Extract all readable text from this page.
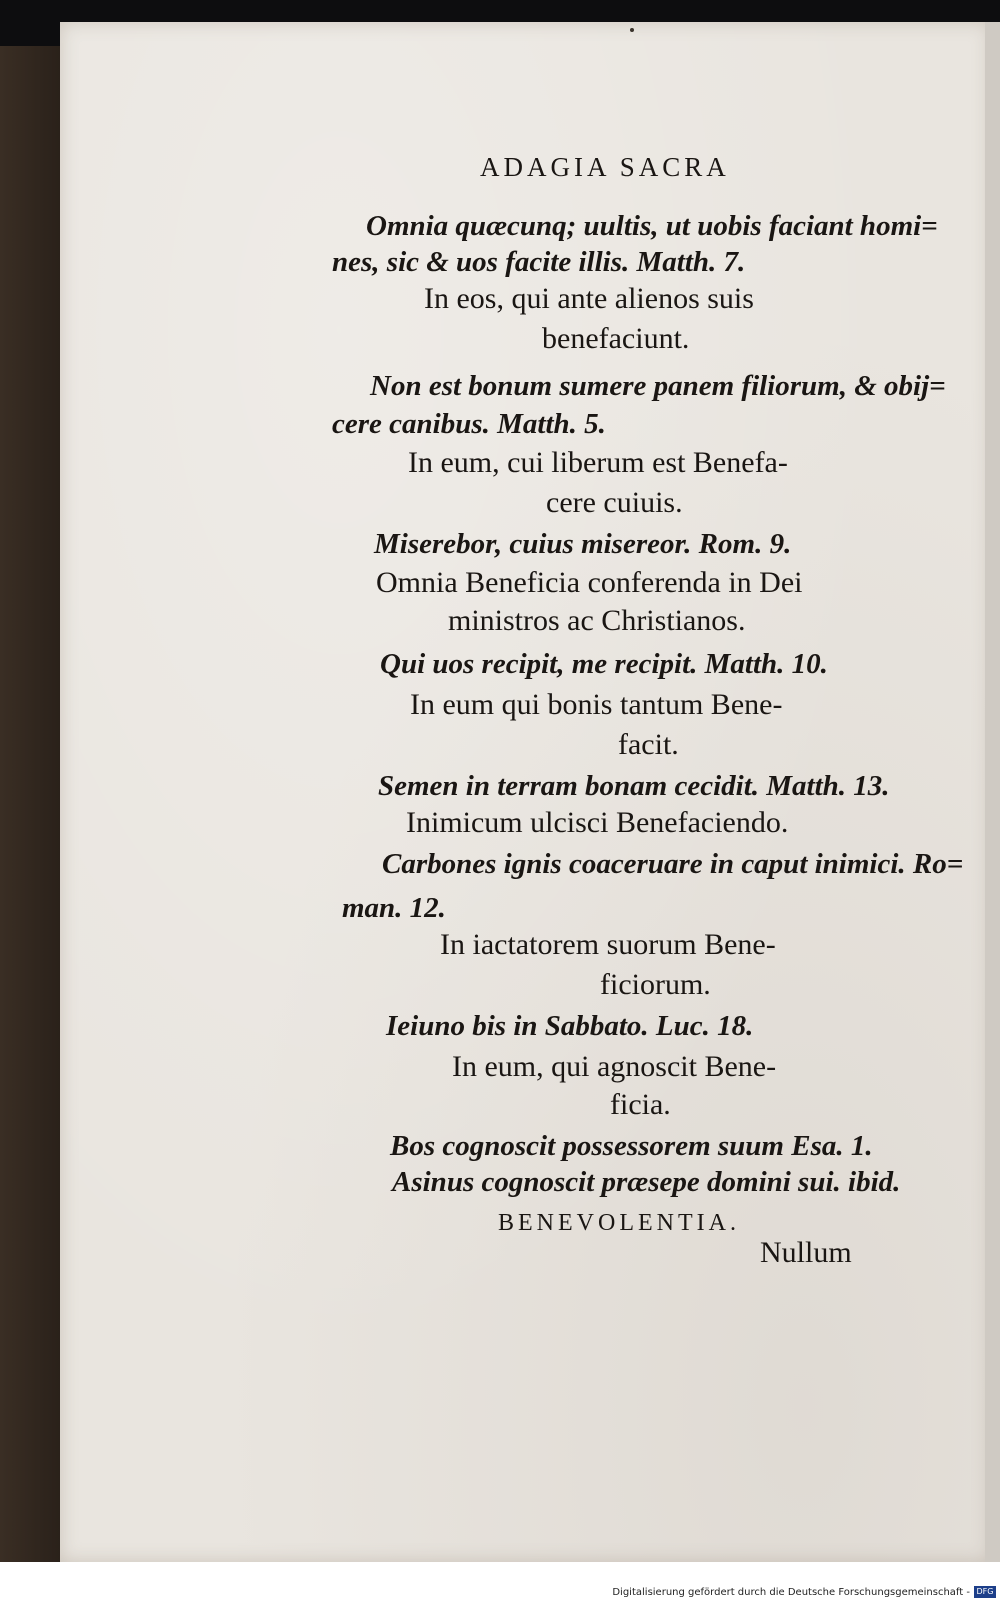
ADAGIA SACRA
Omnia quæcunq; uultis, ut uobis faciant homi=
nes, sic & uos facite illis. Matth. 7.
In eos, qui ante alienos suis
benefaciunt.
Non est bonum sumere panem filiorum, & obij=
cere canibus. Matth. 5.
In eum, cui liberum est Benefa-
cere cuiuis.
Miserebor, cuius misereor. Rom. 9.
Omnia Beneficia conferenda in Dei
ministros ac Christianos.
Qui uos recipit, me recipit. Matth. 10.
In eum qui bonis tantum Bene-
facit.
Semen in terram bonam cecidit. Matth. 13.
Inimicum ulcisci Benefaciendo.
Carbones ignis coaceruare in caput inimici. Ro=
man. 12.
In iactatorem suorum Bene-
ficiorum.
Ieiuno bis in Sabbato. Luc. 18.
In eum, qui agnoscit Bene-
ficia.
Bos cognoscit possessorem suum Esa. 1.
Asinus cognoscit præsepe domini sui. ibid.
BENEVOLENTIA.
Nullum
Digitalisierung gefördert durch die Deutsche Forschungsgemeinschaft - DFG
